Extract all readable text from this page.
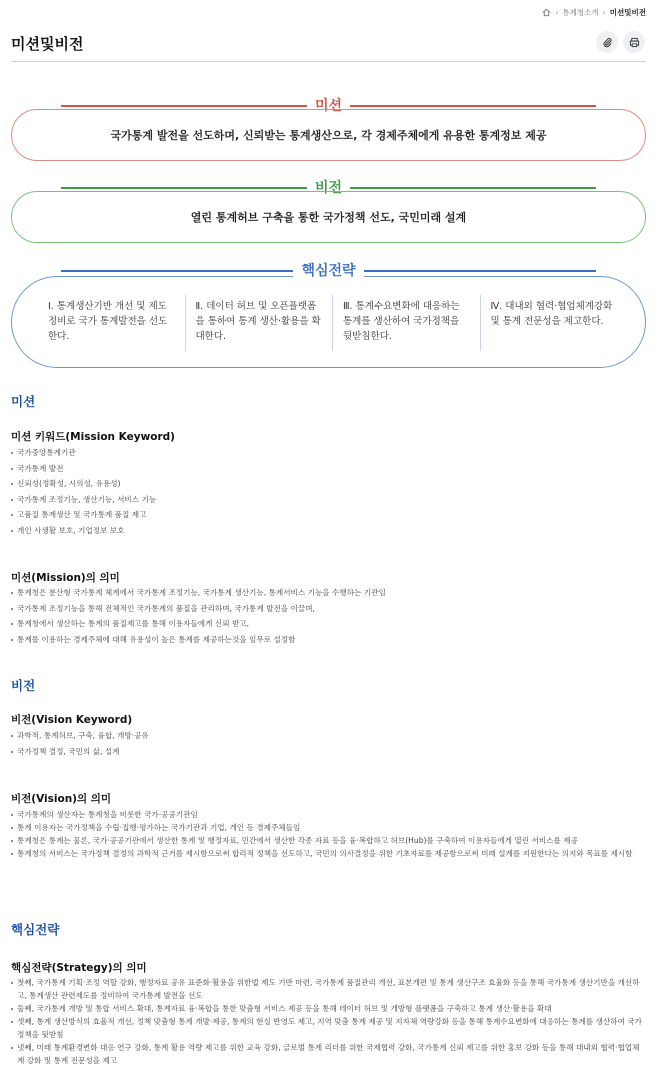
› 통계청소개 › 미션및비전
미션및비전
미션
국가통계 발전을 선도하며, 신뢰받는 통계생산으로, 각 경제주체에게 유용한 통계정보 제공
비전
열린 통계허브 구축을 통한 국가정책 선도, 국민미래 설계
핵심전략
Ⅰ. 통계생산기반 개선 및 제도정비로 국가 통계발전을 선도한다.
Ⅱ. 데이터 허브 및 오픈플랫폼을 통하여 통계 생산·활용을 확대한다.
Ⅲ. 통계수요변화에 대응하는 통계를 생산하여 국가정책을 뒷받침한다.
Ⅳ. 대내외 협력·협업체계강화 및 통계 전문성을 제고한다.
미션
미션 키워드(Mission Keyword)
국가중앙통계기관
국가통계 발전
신뢰성(정확성, 시의성, 유용성)
국가통계 조정기능, 생산기능, 서비스 기능
고품질 통계생산 및 국가통계 품질 제고
개인 사생활 보호, 기업정보 보호
미션(Mission)의 의미
통계청은 분산형 국가통계 체계에서 국가통계 조정기능, 국가통계 생산기능, 통계서비스 기능을 수행하는 기관임
국가통계 조정기능을 통해 전체적인 국가통계의 품질을 관리하며, 국가통계 발전을 이끌며,
통계청에서 생산하는 통계의 품질제고를 통해 이용자들에게 신뢰 받고,
통계를 이용하는 경제주체에 대해 유용성이 높은 통계를 제공하는것을 임무로 설정함
비전
비전(Vision Keyword)
과학적, 통계허브, 구축, 융합, 개방·공유
국가정책 결정, 국민의 삶, 설계
비전(Vision)의 의미
국가통계의 생산자는 통계청을 비롯한 국가·공공기관임
통계 이용자는 국가정책을 수립·집행·평가하는 국가기관과 기업, 개인 등 경제주체들임
통계청은 통계는 물론, 국가·공공기관에서 생산한 통계 및 행정자료, 민간에서 생산한 각종 자료 등을 융·복합하고 허브(Hub)를 구축하여 이용자들에게 열린 서비스를 제공
통계청의 서비스는 국가정책 결정의 과학적 근거를 제시함으로써 합리적 정책을 선도하고, 국민의 의사결정을 위한 기초자료를 제공함으로써 미래 설계를 지원한다는 의지와 목표를 제시함
핵심전략
핵심전략(Strategy)의 의미
첫째, 국가통계 기획·조정 역할 강화, 행정자료 공유 표준화·활용을 위한법 제도 기반 마련, 국가통계 품질관리 개선, 표본개편 및 통계 생산구조 효율화 등을 통해 국가통계 생산기반을 개선하고, 통계생산 관련제도를 정비하여 국가통계 발전을 선도
둘째, 국가통계 개방 및 통합 서비스 확대, 통계자료 융·복합을 통한 맞춤형 서비스 제공 등을 통해 데이터 허브 및 개방형 플랫폼을 구축하고 통계 생산·활용을 확대
셋째, 통계 생산방식의 효율적 개선, 정책 맞춤형 통계 개발·제공, 통계의 현실 반영도 제고, 지역 맞춤 통계 제공 및 지자체 역량강화 등을 통해 통계수요변화에 대응하는 통계를 생산하여 국가정책을 뒷받침
넷째, 미래 통계환경변화 대응 연구 강화, 통계 활용 역량 제고를 위한 교육 강화, 글로벌 통계 리더를 위한 국제협력 강화, 국가통계 신뢰 제고를 위한 홍보 강화 등을 통해 대내외 협력·협업체계 강화 및 통계 전문성을 제고
